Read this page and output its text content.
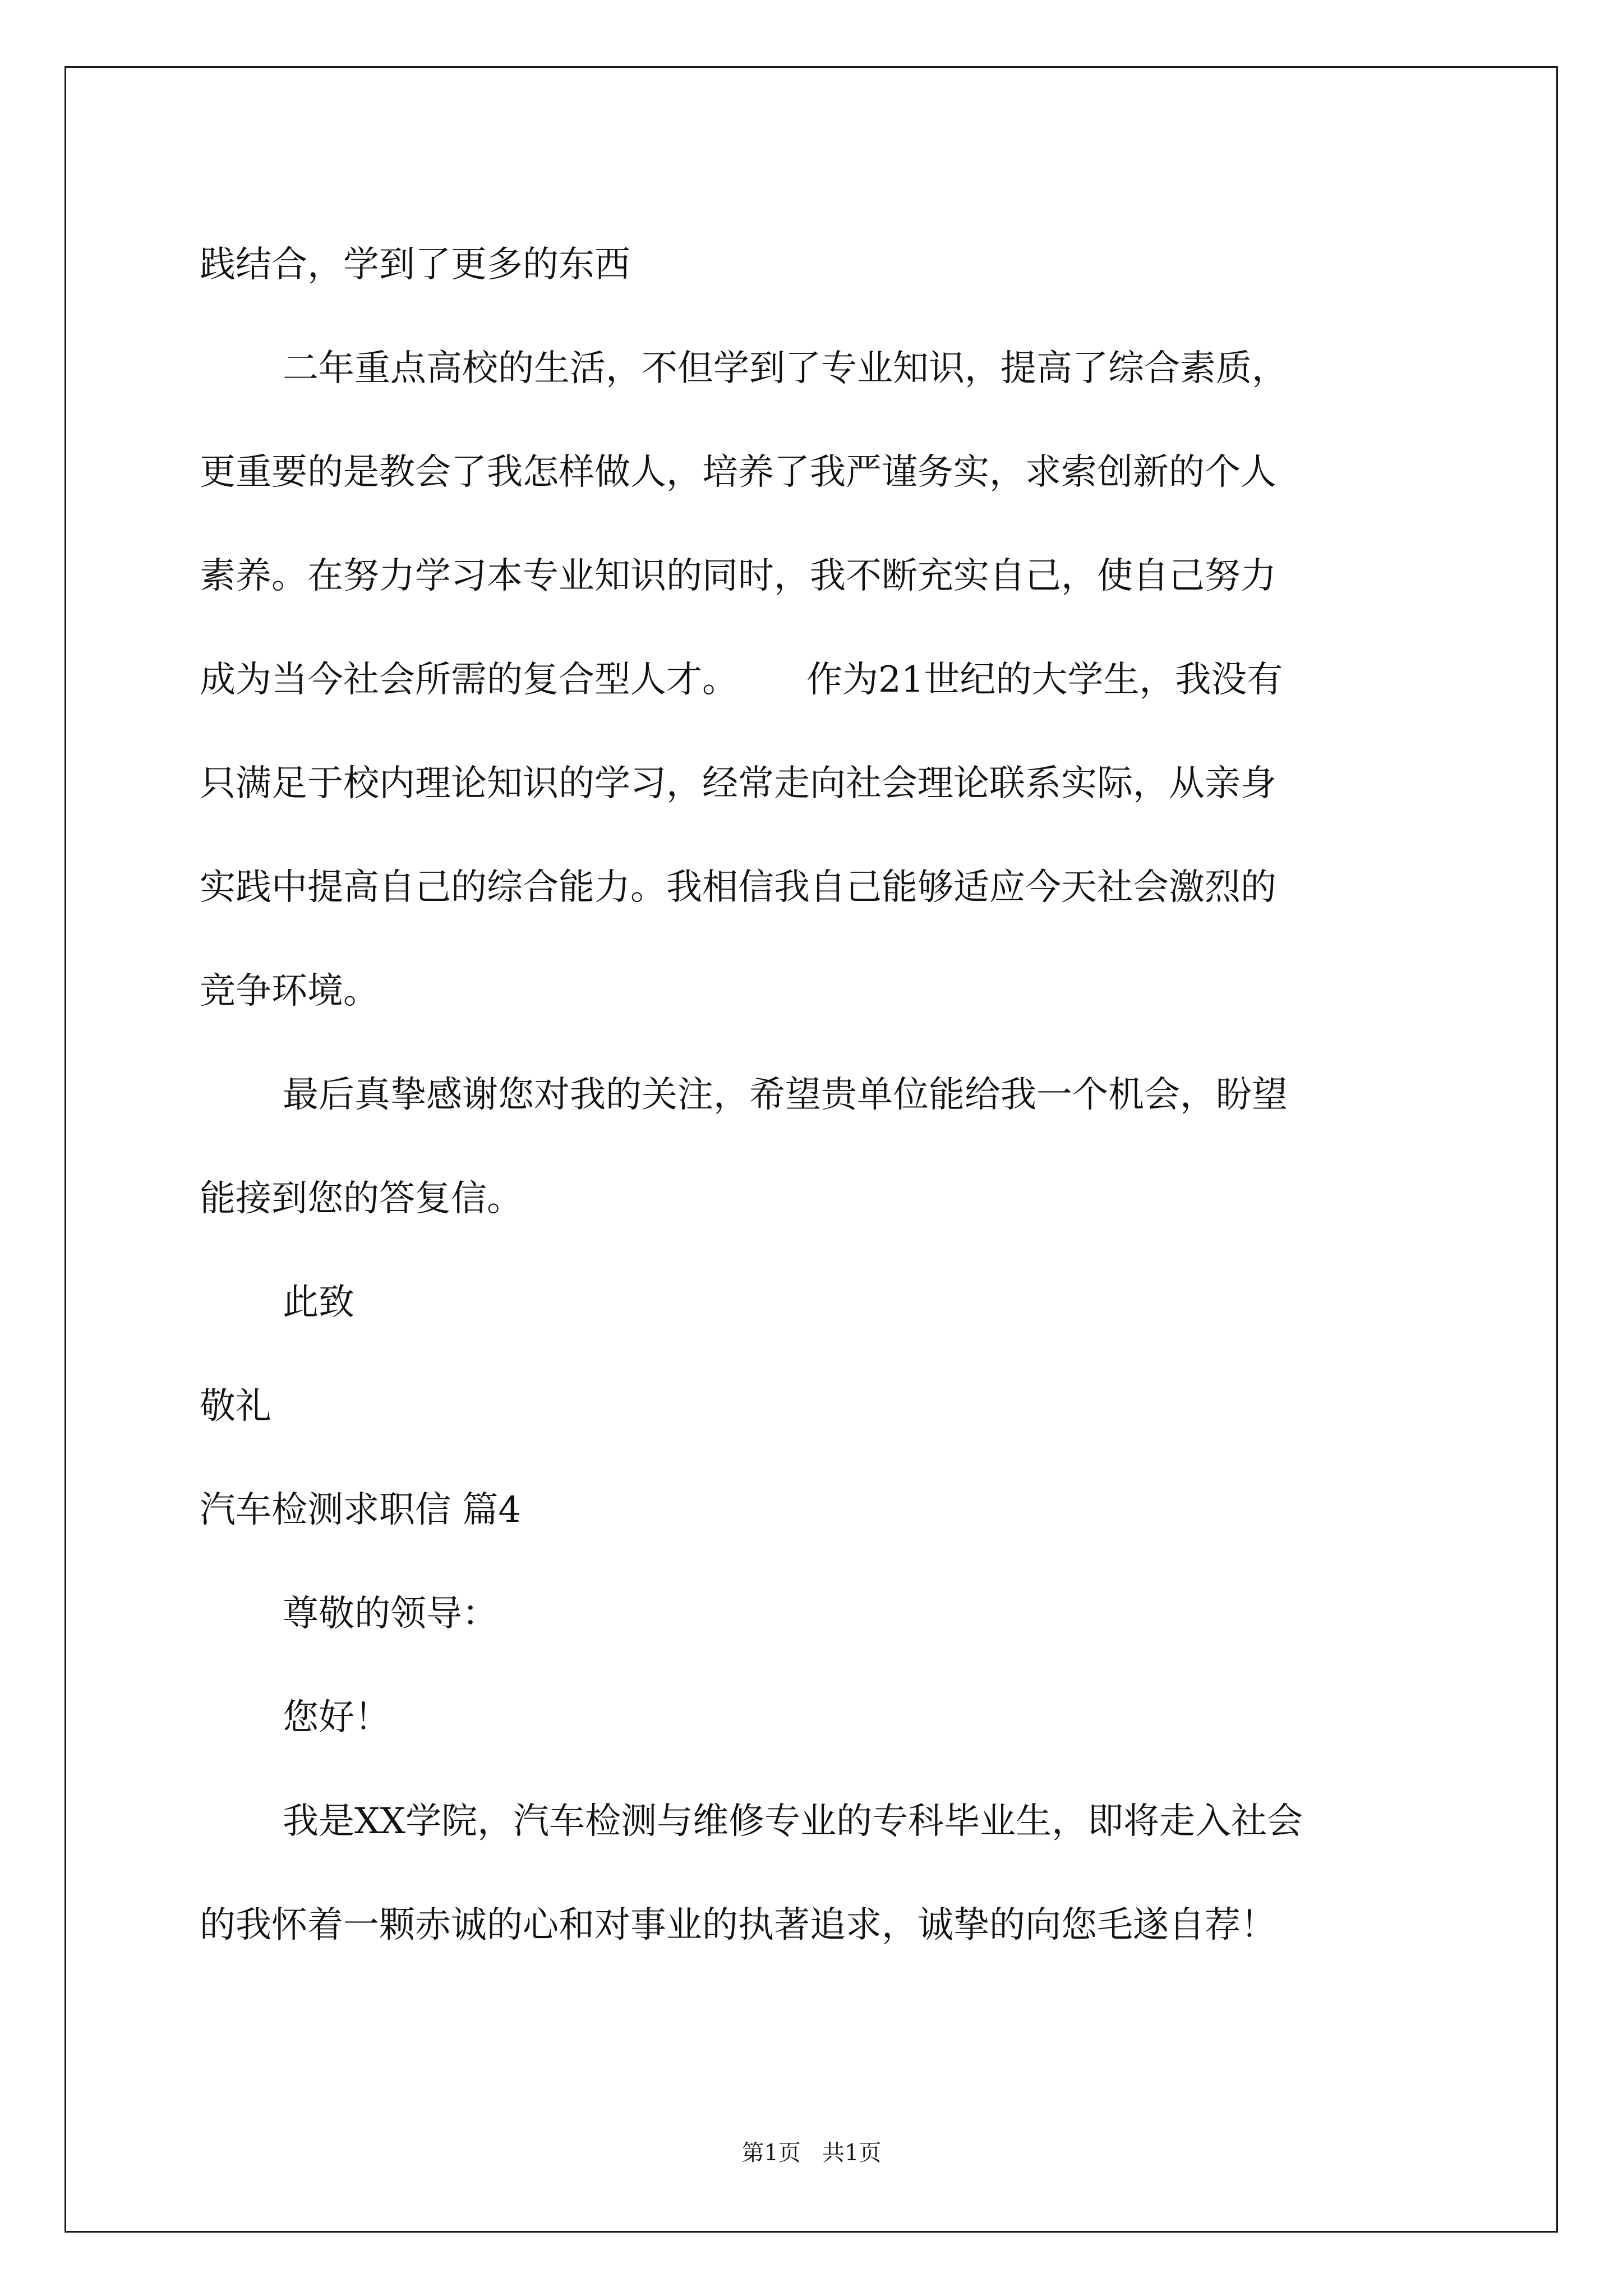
践结合，学到了更多的东西
二年重点高校的生活，不但学到了专业知识，提高了综合素质，
更重要的是教会了我怎样做人，培养了我严谨务实，求索创新的个人
素养。在努力学习本专业知识的同时，我不断充实自己，使自己努力
成为当今社会所需的复合型人才。      作为21世纪的大学生，我没有
只满足于校内理论知识的学习，经常走向社会理论联系实际，从亲身
实践中提高自己的综合能力。我相信我自己能够适应今天社会激烈的
竞争环境。
最后真挚感谢您对我的关注，希望贵单位能给我一个机会，盼望
能接到您的答复信。
此致
敬礼
汽车检测求职信 篇4
尊敬的领导：
您好！
我是XX学院，汽车检测与维修专业的专科毕业生，即将走入社会
的我怀着一颗赤诚的心和对事业的执著追求，诚挚的向您毛遂自荐！
第1页   共1页
